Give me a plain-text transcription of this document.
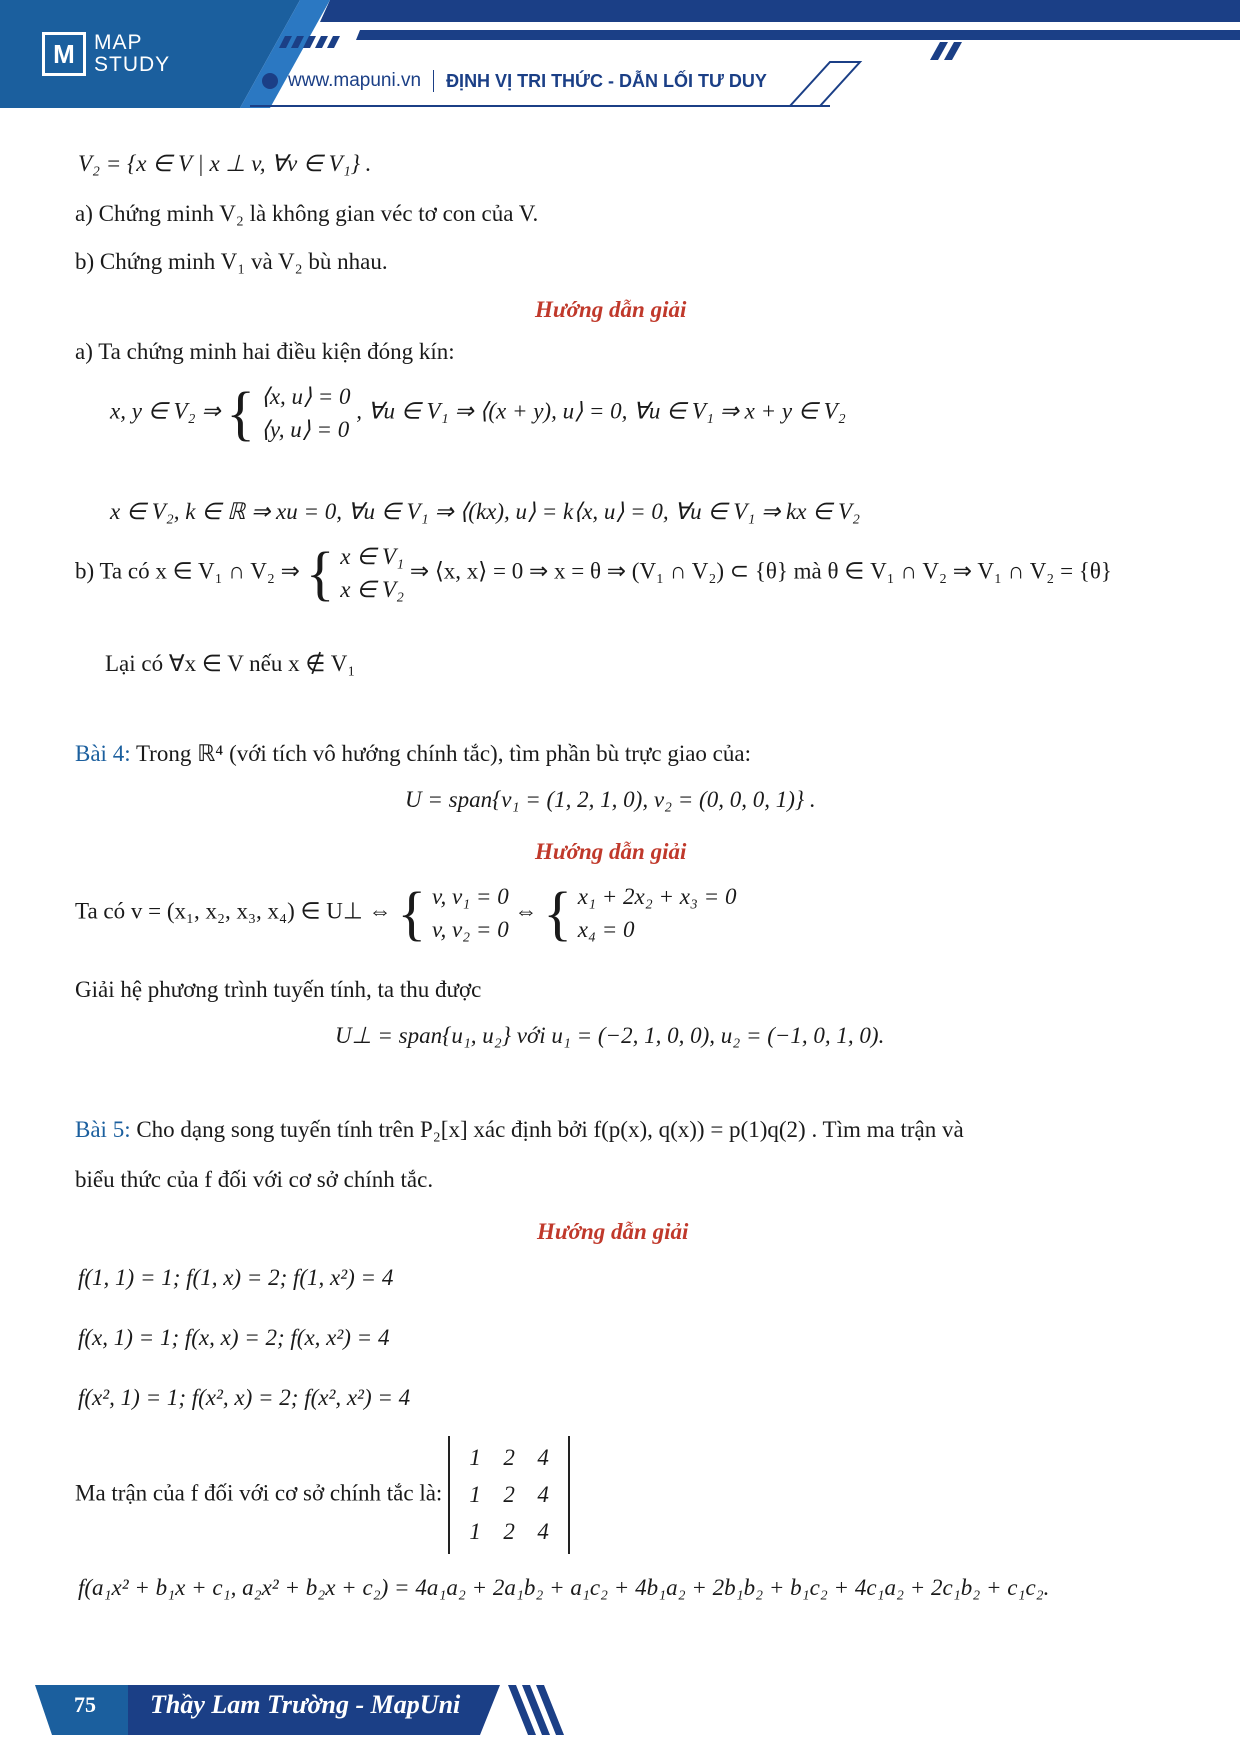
M MAP
STUDY
www.mapuni.vn ĐỊNH VỊ TRI THỨC - DẪN LỐI TƯ DUY
V₂ = {x ∈ V | x ⊥ v, ∀v ∈ V₁} .
a) Chứng minh V₂ là không gian véc tơ con của V.
b) Chứng minh V₁ và V₂ bù nhau.
Hướng dẫn giải
a) Ta chứng minh hai điều kiện đóng kín:
x, y ∈ V₂ ⇒ { ⟨x, u⟩ = 0
⟨y, u⟩ = 0
, ∀u ∈ V₁ ⇒ ⟨(x + y), u⟩ = 0, ∀u ∈ V₁ ⇒ x + y ∈ V₂
x ∈ V₂, k ∈ ℝ ⇒ xu = 0, ∀u ∈ V₁ ⇒ ⟨(kx), u⟩ = k⟨x, u⟩ = 0, ∀u ∈ V₁ ⇒ kx ∈ V₂
b) Ta có x ∈ V₁ ∩ V₂ ⇒ { x ∈ V₁
x ∈ V₂
⇒ ⟨x, x⟩ = 0 ⇒ x = θ ⇒ (V₁ ∩ V₂) ⊂ {θ} mà θ ∈ V₁ ∩ V₂ ⇒ V₁ ∩ V₂ = {θ}
Lại có ∀x ∈ V nếu x ∉ V₁
Bài 4: Trong ℝ⁴ (với tích vô hướng chính tắc), tìm phần bù trực giao của:
U = span{v₁ = (1, 2, 1, 0), v₂ = (0, 0, 0, 1)} .
Hướng dẫn giải
Ta có v = (x₁, x₂, x₃, x₄) ∈ U⊥ ⇔ { v, v₁ = 0
v, v₂ = 0
⇔ { x₁ + 2x₂ + x₃ = 0
x₄ = 0
Giải hệ phương trình tuyến tính, ta thu được
U⊥ = span{u₁, u₂} với u₁ = (−2, 1, 0, 0), u₂ = (−1, 0, 1, 0).
Bài 5: Cho dạng song tuyến tính trên P₂[x] xác định bởi f(p(x), q(x)) = p(1)q(2) . Tìm ma trận và
biểu thức của f đối với cơ sở chính tắc.
Hướng dẫn giải
f(1, 1) = 1; f(1, x) = 2; f(1, x²) = 4
f(x, 1) = 1; f(x, x) = 2; f(x, x²) = 4
f(x², 1) = 1; f(x², x) = 2; f(x², x²) = 4
Ma trận của f đối với cơ sở chính tắc là:
1 2 4
1 2 4
1 2 4
f(a₁x² + b₁x + c₁, a₂x² + b₂x + c₂) = 4a₁a₂ + 2a₁b₂ + a₁c₂ + 4b₁a₂ + 2b₁b₂ + b₁c₂ + 4c₁a₂ + 2c₁b₂ + c₁c₂.
75 Thầy Lam Trường - MapUni
